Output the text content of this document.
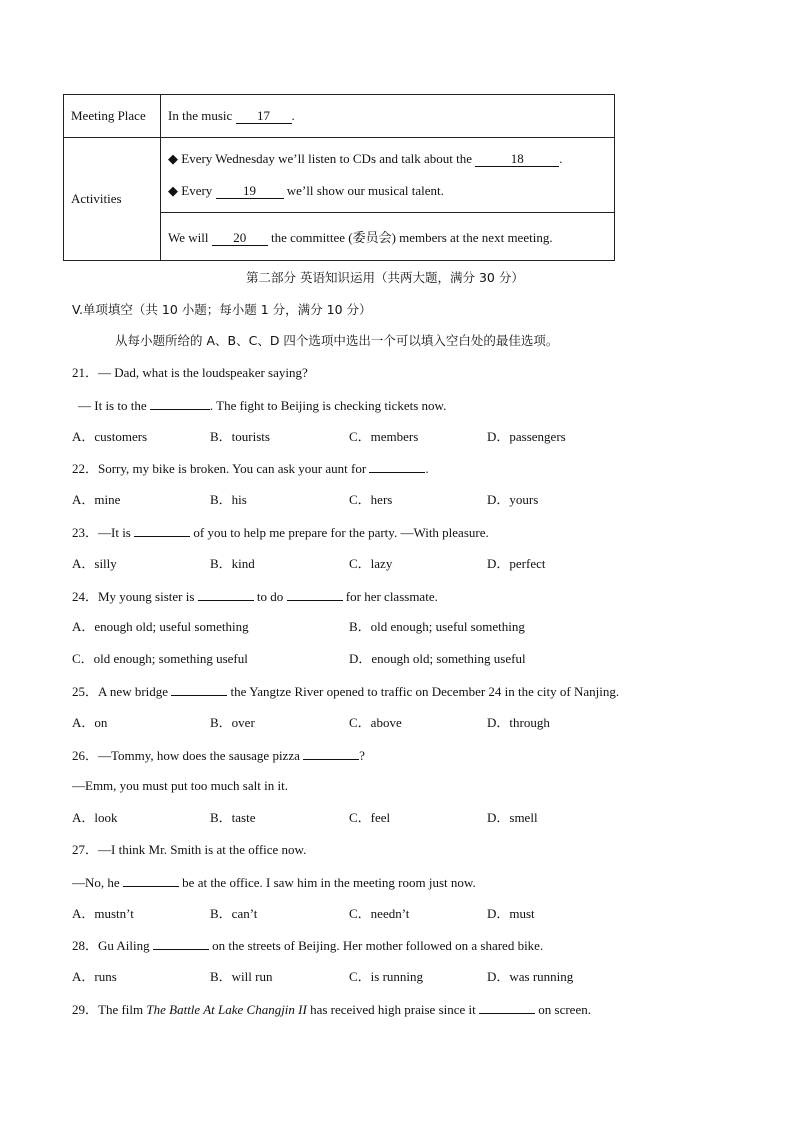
Meeting Place	In the music 17 .
Activities	◆ Every Wednesday we’ll listen to CDs and talk about the 18 .
◆ Every 19 we’ll show our musical talent.

	We will 20 the committee (委员会) members at the next meeting.
第二部分 英语知识运用（共两大题，满分 30 分）
V.单项填空（共 10 小题；每小题 1 分，满分 10 分）
从每小题所给的 A、B、C、D 四个选项中选出一个可以填入空白处的最佳选项。
21．— Dad, what is the loudspeaker saying?
— It is to the	. The fight to Beijing is checking tickets now.
A．customers	B．tourists	C．members	D．passengers
22．Sorry, my bike is broken. You can ask your aunt for	.
A．mine	B．his	C．hers	D．yours
23．—It is	of you to help me prepare for the party. —With pleasure.
A．silly	B．kind	C．lazy	D．perfect
24．My young sister is	to do	for her classmate.
A．enough old; useful something	B．old enough; useful something
C．old enough; something useful	D．enough old; something useful
25．A new bridge	the Yangtze River opened to traffic on December 24 in the city of Nanjing.
A．on	B．over	C．above	D．through
26．—Tommy, how does the sausage pizza	?
—Emm, you must put too much salt in it.
A．look	B．taste	C．feel	D．smell
27．—I think Mr. Smith is at the office now.
—No, he	be at the office. I saw him in the meeting room just now.
A．mustn’t	B．can’t	C．needn’t	D．must
28．Gu Ailing	on the streets of Beijing. Her mother followed on a shared bike.
A．runs	B．will run	C．is running	D．was running
29．The film The Battle At Lake Changjin II has received high praise since it	on screen.
